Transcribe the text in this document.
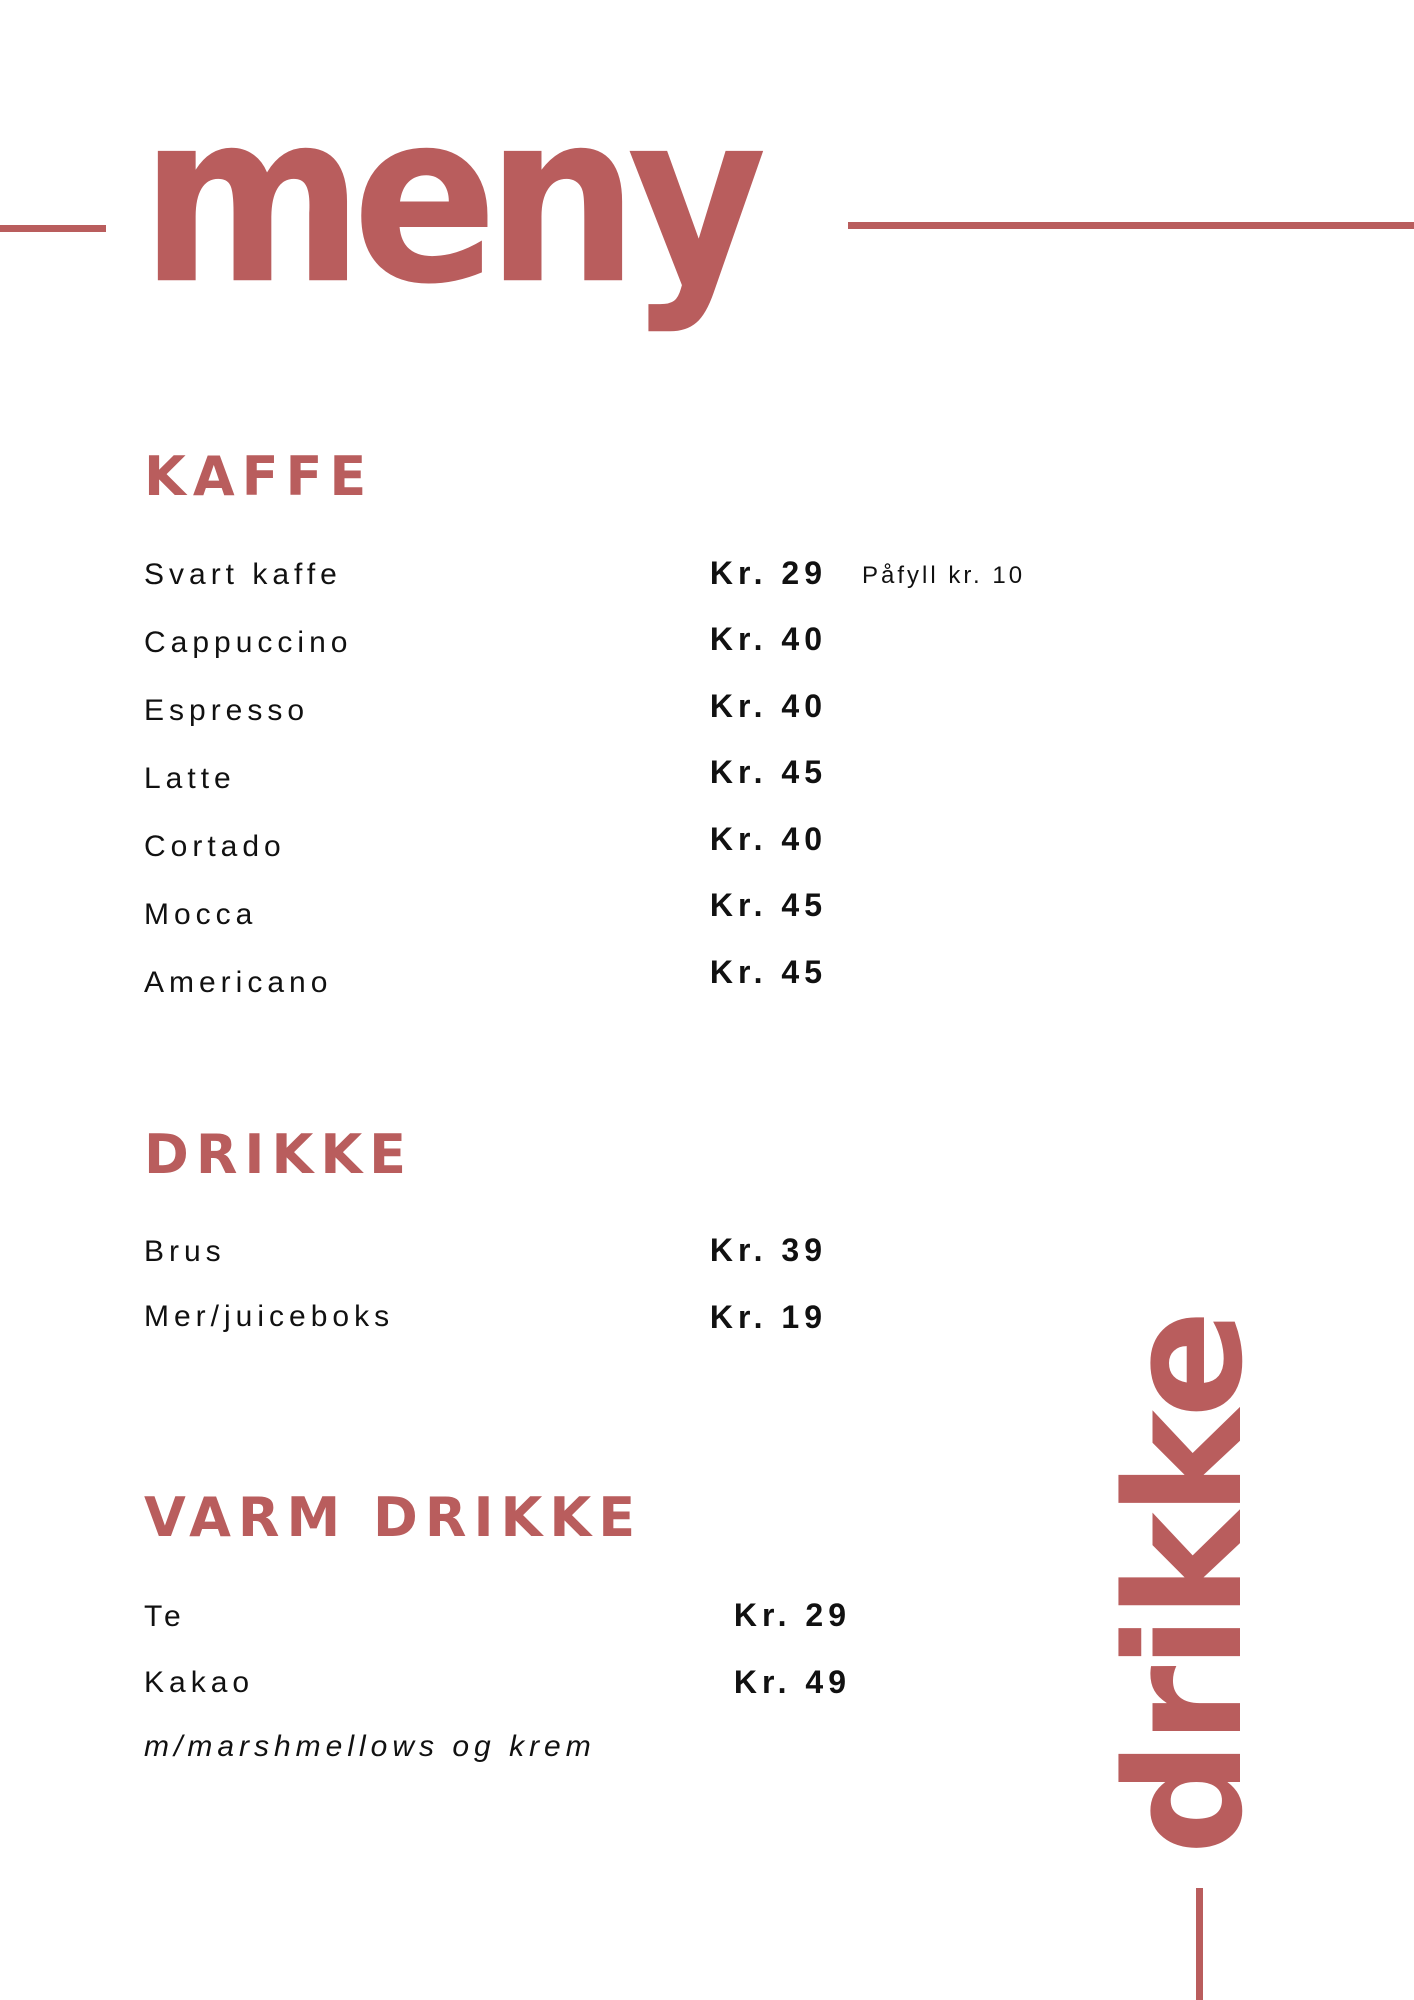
meny
drikke
KAFFE
Svart kaffe	Kr. 29 Påfyll kr. 10
Cappuccino	Kr. 40
Espresso	Kr. 40
Latte	Kr. 45
Cortado	Kr. 40
Mocca	Kr. 45
Americano	Kr. 45
DRIKKE
Brus	Kr. 39
Mer/juiceboks	Kr. 19
VARM DRIKKE
Te	Kr. 29
Kakao	Kr. 49
m/marshmellows og krem
